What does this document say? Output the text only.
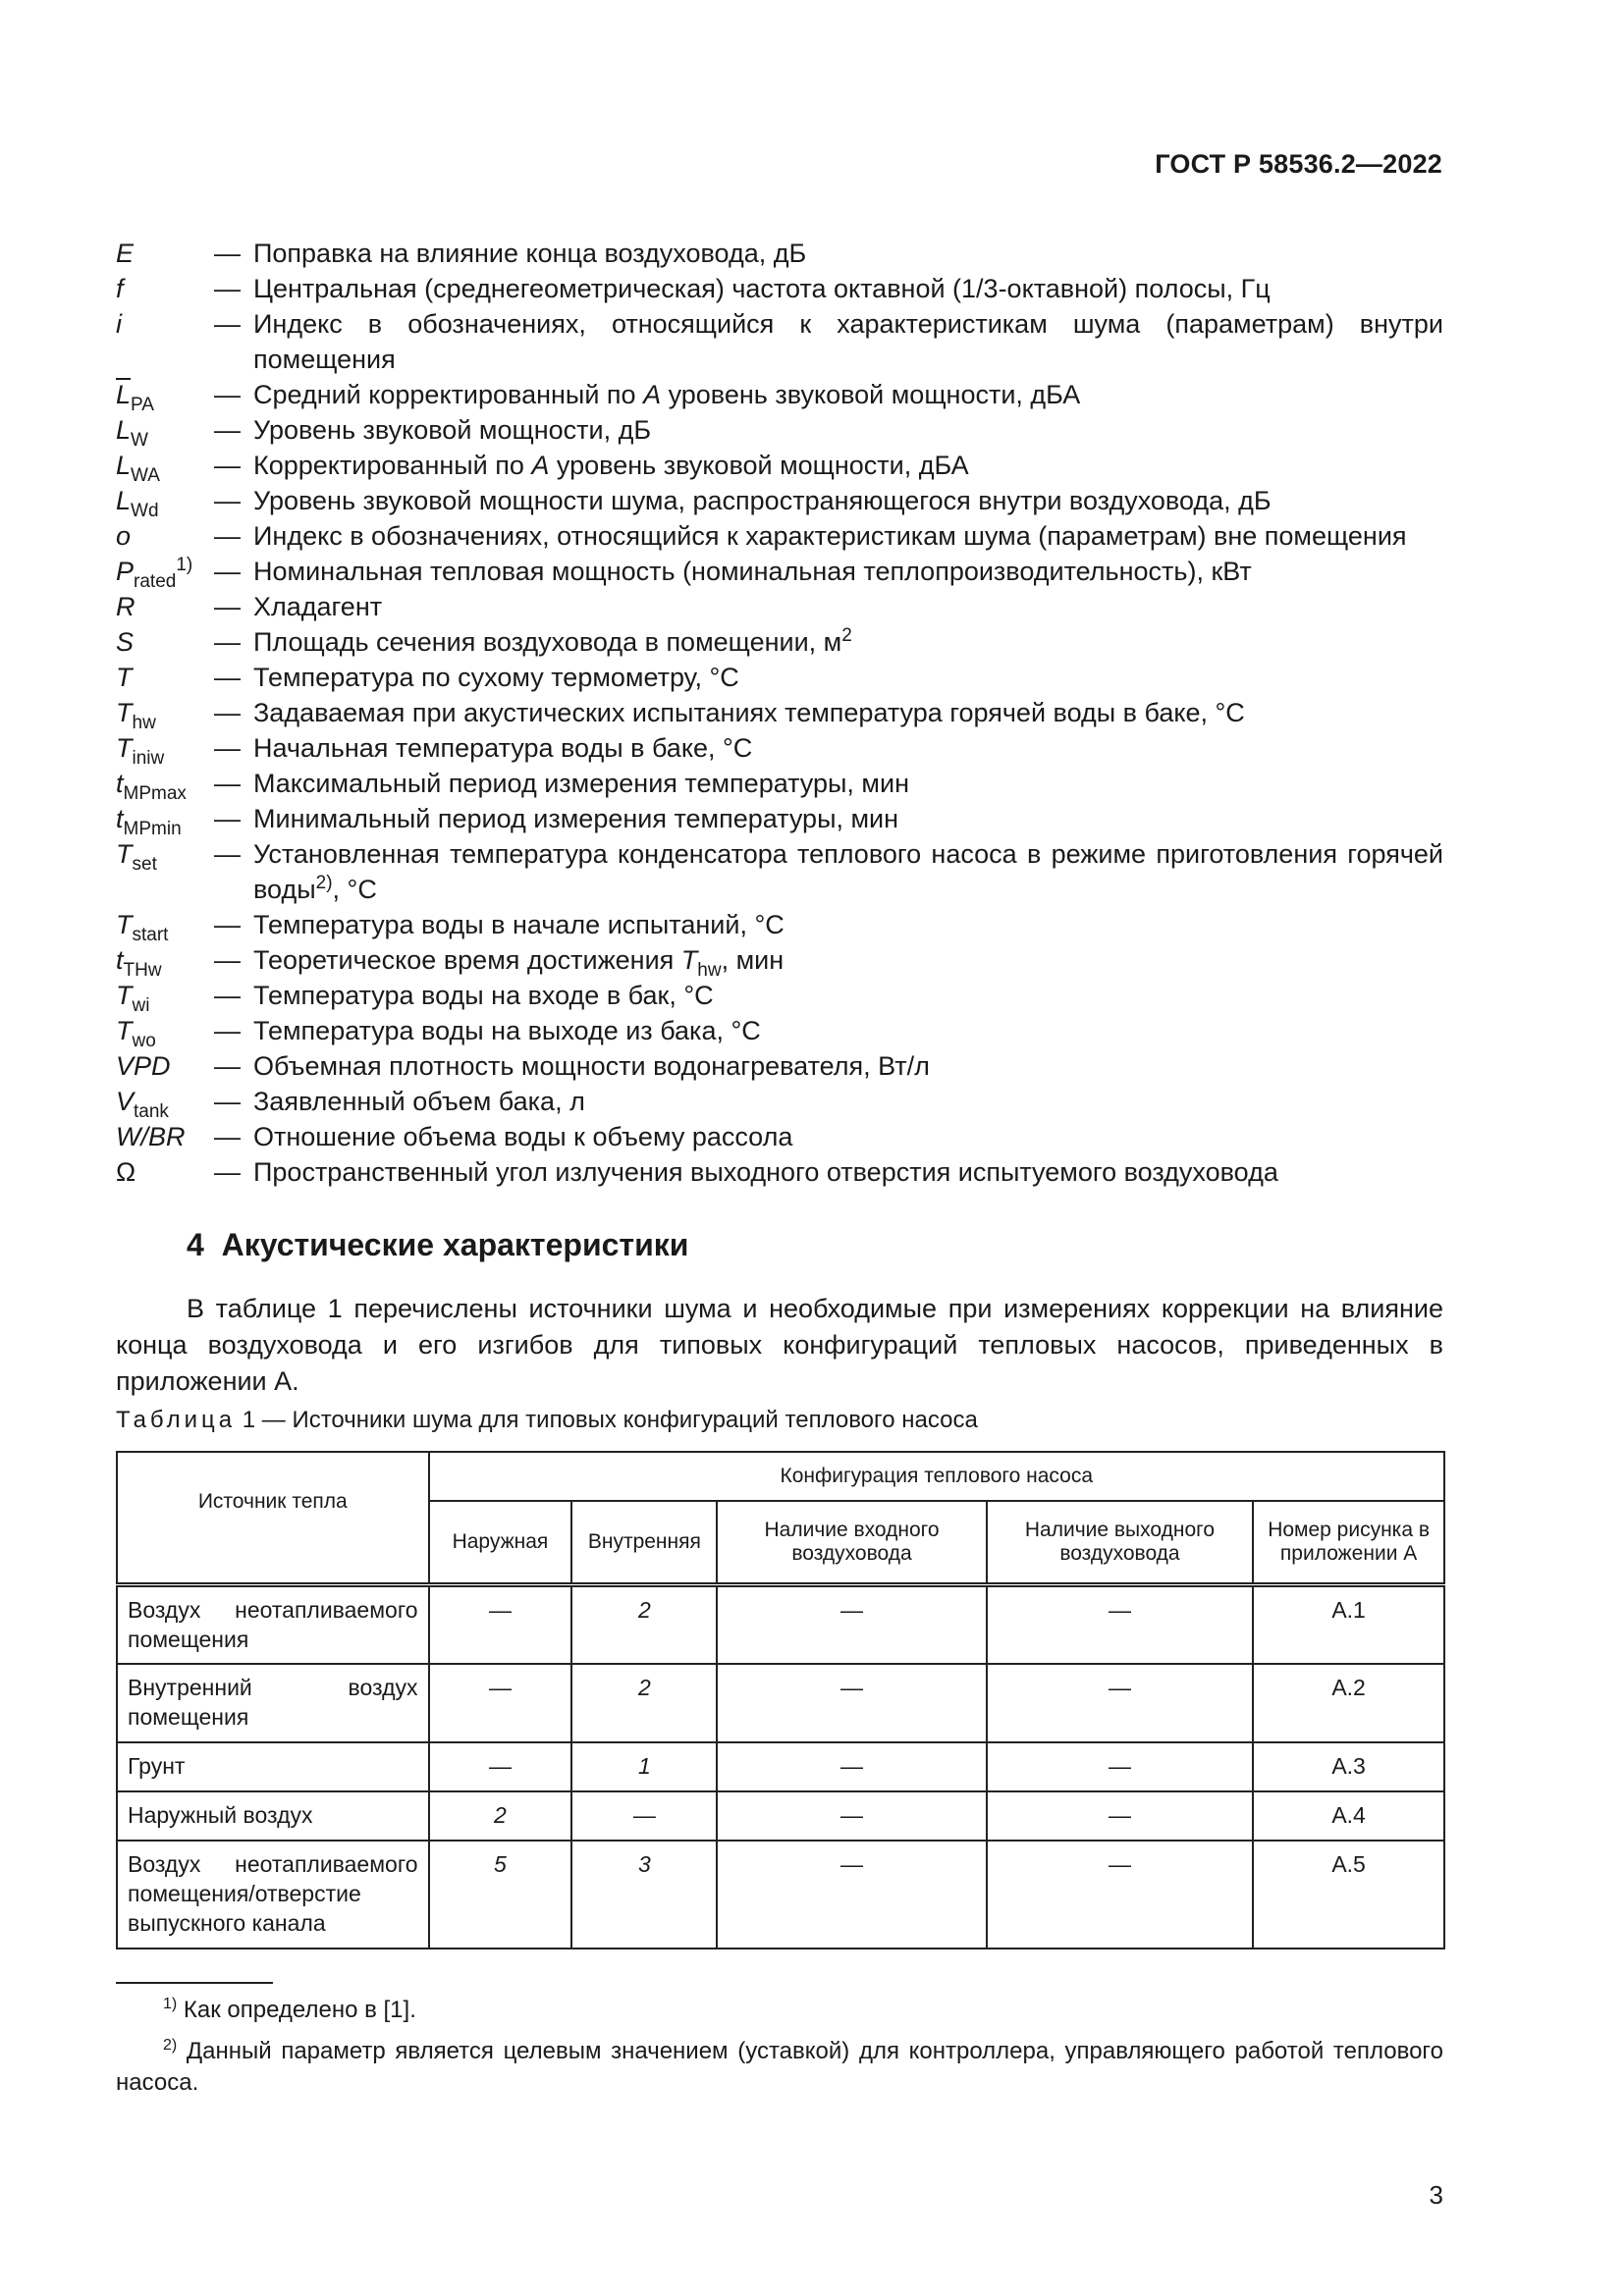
ГОСТ Р 58536.2—2022
E	— Поправка на влияние конца воздуховода, дБ
f	— Центральная (среднегеометрическая) частота октавной (1/3-октавной) полосы, Гц
i	— Индекс в обозначениях, относящийся к характеристикам шума (параметрам) внутри помещения
$\overline{L}_{PA}$	— Средний корректированный по A уровень звуковой мощности, дБА
$L_W$	— Уровень звуковой мощности, дБ
$L_{WA}$	— Корректированный по A уровень звуковой мощности, дБА
$L_{Wd}$	— Уровень звуковой мощности шума, распространяющегося внутри воздуховода, дБ
o	— Индекс в обозначениях, относящийся к характеристикам шума (параметрам) вне помещения
$P_{rated}^{1)}$ — Номинальная тепловая мощность (номинальная теплопроизводительность), кВт
R	— Хладагент
S	— Площадь сечения воздуховода в помещении, $м^2$
T	— Температура по сухому термометру, °С
$T_{hw}$	— Задаваемая при акустических испытаниях температура горячей воды в баке, °С
$T_{iniw}$	— Начальная температура воды в баке, °С
$t_{MPmax}$	— Максимальный период измерения температуры, мин
$t_{MPmin}$	— Минимальный период измерения температуры, мин
$T_{set}$	— Установленная температура конденсатора теплового насоса в режиме приготовления горячей воды$^{2)}$, °С
$T_{start}$	— Температура воды в начале испытаний, °С
$t_{THw}$	— Теоретическое время достижения $T_{hw}$, мин
$T_{wi}$	— Температура воды на входе в бак, °С
$T_{wo}$	— Температура воды на выходе из бака, °С
VPD	— Объемная плотность мощности водонагревателя, Вт/л
$V_{tank}$	— Заявленный объем бака, л
W/BR	— Отношение объема воды к объему рассола
Ω	— Пространственный угол излучения выходного отверстия испытуемого воздуховода
4  Акустические характеристики
В таблице 1 перечислены источники шума и необходимые при измерениях коррекции на влияние конца воздуховода и его изгибов для типовых конфигураций тепловых насосов, приведенных в приложении А.
Таблица 1 — Источники шума для типовых конфигураций теплового насоса
Источник тепла	Конфигурация теплового насоса				
	Наружная	Внутренняя	Наличие входного воздуховода	Наличие выходного воздуховода	Номер рисунка в приложении А
Воздух неотапливаемого помещения	—	2	—	—	А.1
Внутренний воздух помещения	—	2	—	—	А.2
Грунт	—	1	—	—	А.3
Наружный воздух	2	—	—	—	А.4
Воздух неотапливаемого помещения/отверстие выпускного канала	5	3	—	—	А.5
$^{1)}$ Как определено в [1].
$^{2)}$ Данный параметр является целевым значением (уставкой) для контроллера, управляющего работой теплового насоса.
3
